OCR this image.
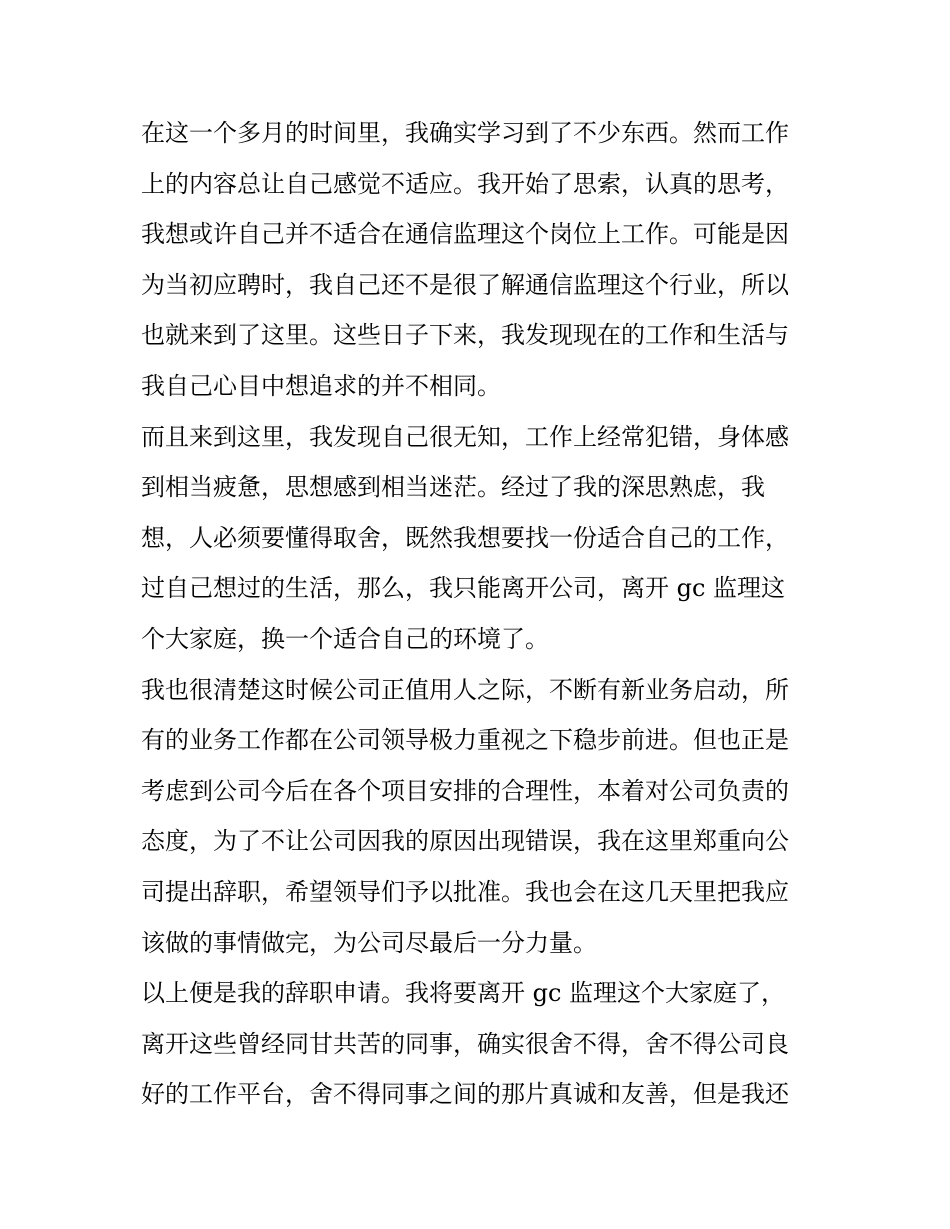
在这一个多月的时间里，我确实学习到了不少东西。然而工作
上的内容总让自己感觉不适应。我开始了思索，认真的思考，
我想或许自己并不适合在通信监理这个岗位上工作。可能是因
为当初应聘时，我自己还不是很了解通信监理这个行业，所以
也就来到了这里。这些日子下来，我发现现在的工作和生活与
我自己心目中想追求的并不相同。
而且来到这里，我发现自己很无知，工作上经常犯错，身体感
到相当疲惫，思想感到相当迷茫。经过了我的深思熟虑，我
想，人必须要懂得取舍，既然我想要找一份适合自己的工作，
过自己想过的生活，那么，我只能离开公司，离开 gc 监理这
个大家庭，换一个适合自己的环境了。
我也很清楚这时候公司正值用人之际，不断有新业务启动，所
有的业务工作都在公司领导极力重视之下稳步前进。但也正是
考虑到公司今后在各个项目安排的合理性，本着对公司负责的
态度，为了不让公司因我的原因出现错误，我在这里郑重向公
司提出辞职，希望领导们予以批准。我也会在这几天里把我应
该做的事情做完，为公司尽最后一分力量。
以上便是我的辞职申请。我将要离开 gc 监理这个大家庭了，
离开这些曾经同甘共苦的同事，确实很舍不得，舍不得公司良
好的工作平台，舍不得同事之间的那片真诚和友善，但是我还
